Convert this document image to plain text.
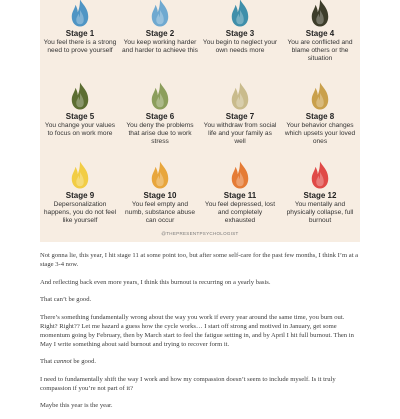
Stage 1
You feel there is a strong need to prove yourself
Stage 2
You keep working harder and harder to achieve this
Stage 3
You begin to neglect your own needs more
Stage 4
You are conflicted and blame others or the situation
Stage 5
You change your values to focus on work more
Stage 6
You deny the problems that arise due to work stress
Stage 7
You withdraw from social life and your family as well
Stage 8
Your behavior changes which upsets your loved ones
Stage 9
Depersonalization happens, you do not feel like yourself
Stage 10
You feel empty and numb, substance abuse can occur
Stage 11
You feel depressed, lost and completely exhausted
Stage 12
You mentally and physically collapse, full burnout
@THEPRESENTPSYCHOLOGIST

Not gonna lie, this year, I hit stage 11 at some point too, but after some self-care for the past few months, I think I’m at a stage 3-4 now.

And reflecting back even more years, I think this burnout is recurring on a yearly basis.

That can’t be good.

There’s something fundamentally wrong about the way you work if every year around the same time, you burn out. Right? Right?? Let me hazard a guess how the cycle works… I start off strong and motived in January, get some momentum going by February, then by March start to feel the fatigue setting in, and by April I hit full burnout. Then in May I write something about said burnout and trying to recover form it.

That cannot be good.

I need to fundamentally shift the way I work and how my compassion doesn’t seem to include myself. Is it truly compassion if you’re not part of it?

Maybe this year is the year.
